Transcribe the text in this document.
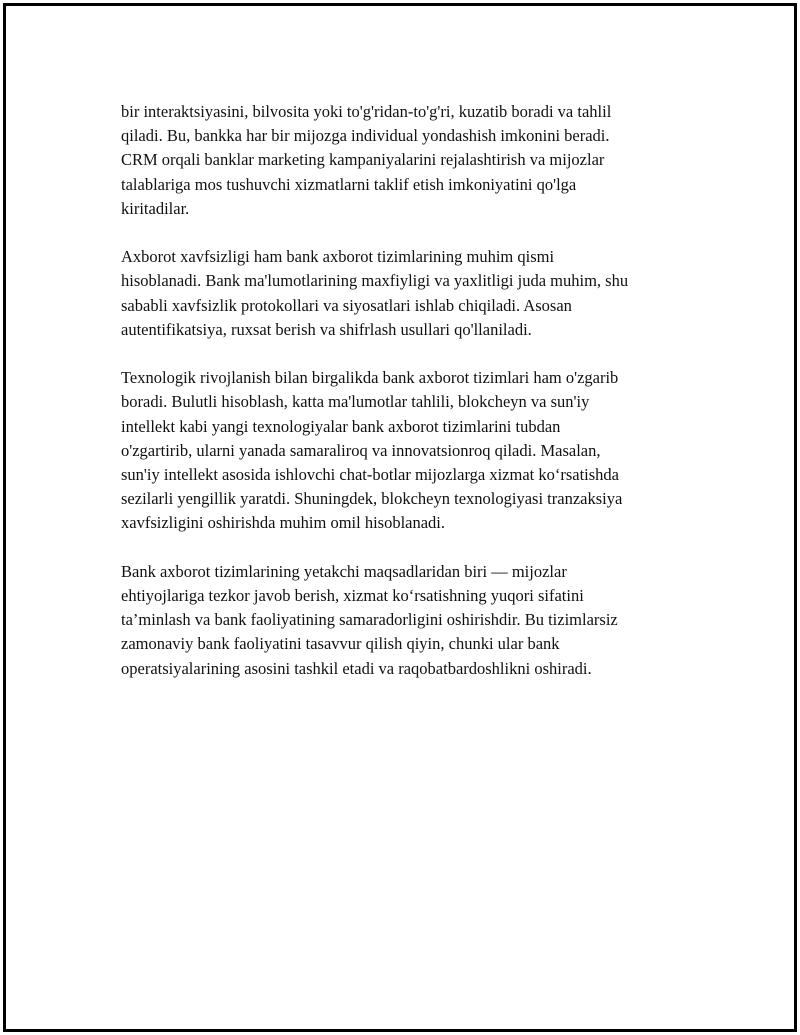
bir interaktsiyasini, bilvosita yoki to'g'ridan-to'g'ri, kuzatib boradi va tahlil
qiladi. Bu, bankka har bir mijozga individual yondashish imkonini beradi.
CRM orqali banklar marketing kampaniyalarini rejalashtirish va mijozlar
talablariga mos tushuvchi xizmatlarni taklif etish imkoniyatini qo'lga
kiritadilar.

Axborot xavfsizligi ham bank axborot tizimlarining muhim qismi
hisoblanadi. Bank ma'lumotlarining maxfiyligi va yaxlitligi juda muhim, shu
sababli xavfsizlik protokollari va siyosatlari ishlab chiqiladi. Asosan
autentifikatsiya, ruxsat berish va shifrlash usullari qo'llaniladi.

Texnologik rivojlanish bilan birgalikda bank axborot tizimlari ham o'zgarib
boradi. Bulutli hisoblash, katta ma'lumotlar tahlili, blokcheyn va sun'iy
intellekt kabi yangi texnologiyalar bank axborot tizimlarini tubdan
o'zgartirib, ularni yanada samaraliroq va innovatsionroq qiladi. Masalan,
sun'iy intellekt asosida ishlovchi chat-botlar mijozlarga xizmat ko‘rsatishda
sezilarli yengillik yaratdi. Shuningdek, blokcheyn texnologiyasi tranzaksiya
xavfsizligini oshirishda muhim omil hisoblanadi.

Bank axborot tizimlarining yetakchi maqsadlaridan biri — mijozlar
ehtiyojlariga tezkor javob berish, xizmat ko‘rsatishning yuqori sifatini
ta’minlash va bank faoliyatining samaradorligini oshirishdir. Bu tizimlarsiz
zamonaviy bank faoliyatini tasavvur qilish qiyin, chunki ular bank
operatsiyalarining asosini tashkil etadi va raqobatbardoshlikni oshiradi.
